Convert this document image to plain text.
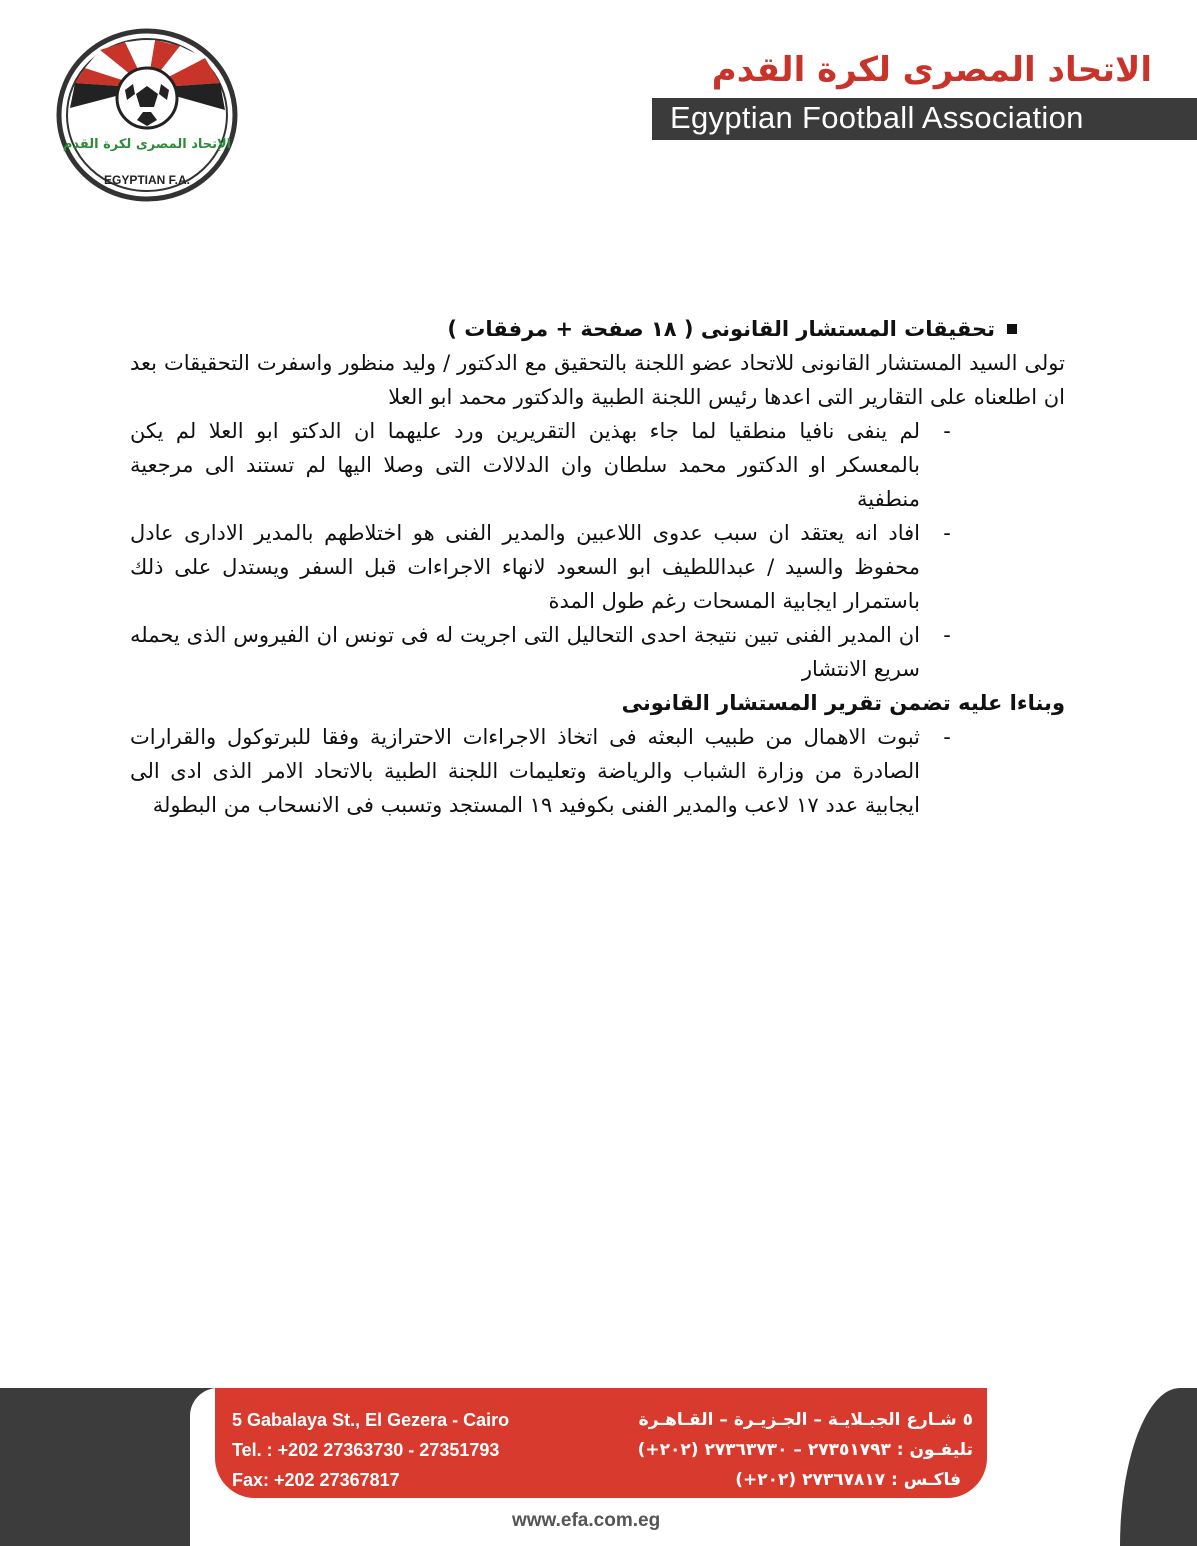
الإتحاد المصرى لكرة القدم
EGYPTIAN F.A.
الاتحاد المصرى لكرة القدم
Egyptian Football Association
تحقيقات المستشار القانونى ( ١٨ صفحة + مرفقات )

تولى السيد المستشار القانونى للاتحاد عضو اللجنة بالتحقيق مع الدكتور / وليد منظور واسفرت التحقيقات بعد ان اطلعناه على التقارير التى اعدها رئيس اللجنة الطبية والدكتور محمد ابو العلا

-
لم ينفى نافيا منطقيا لما جاء بهذين التقريرين ورد عليهما ان الدكتو ابو العلا لم يكن بالمعسكر او الدكتور محمد سلطان وان الدلالات التى وصلا اليها لم تستند الى مرجعية منطفية

-
افاد انه يعتقد ان سبب عدوى اللاعبين والمدير الفنى هو اختلاطهم بالمدير الادارى عادل محفوظ والسيد / عبداللطيف ابو السعود لانهاء الاجراءات قبل السفر ويستدل على ذلك باستمرار ايجابية المسحات رغم طول المدة

-
ان المدير الفنى تبين نتيجة احدى التحاليل التى اجريت له فى تونس ان الفيروس الذى يحمله سريع الانتشار

وبناءا عليه تضمن تقرير المستشار القانونى

-
ثبوت الاهمال من طبيب البعثه فى اتخاذ الاجراءات الاحترازية وفقا للبرتوكول والقرارات الصادرة من وزارة الشباب والرياضة وتعليمات اللجنة الطبية بالاتحاد الامر الذى ادى الى ايجابية عدد ١٧ لاعب والمدير الفنى بكوفيد ١٩ المستجد وتسبب فى الانسحاب من البطولة

5 Gabalaya St., El Gezera - Cairo
Tel. : +202 27363730 - 27351793
Fax: +202 27367817
٥ شـارع الجبـلايـة – الجـزيـرة – القـاهـرة
تليفـون : ٢٧٣٥١٧٩٣ – ٢٧٣٦٣٧٣٠ (٢٠٢+)
فاكـس : ٢٧٣٦٧٨١٧ (٢٠٢+)
www.efa.com.eg
